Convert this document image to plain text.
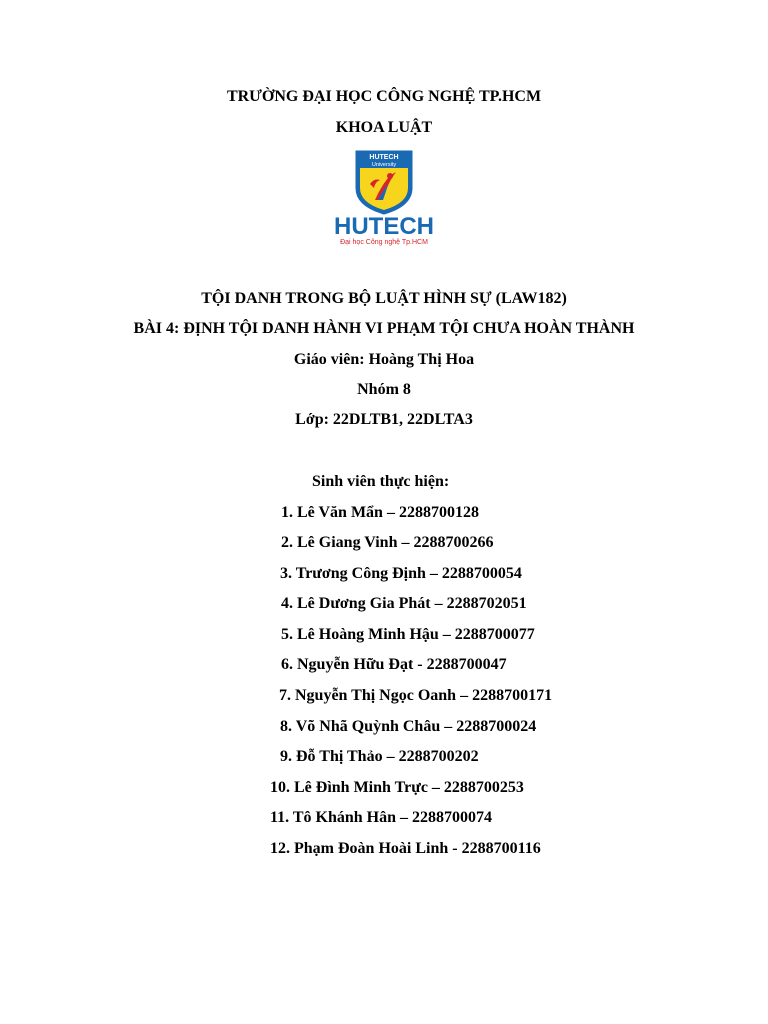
TRƯỜNG ĐẠI HỌC CÔNG NGHỆ TP.HCM
KHOA LUẬT
HUTECH
University
HUTECH
Đại học Công nghệ Tp.HCM
TỘI DANH TRONG BỘ LUẬT HÌNH SỰ (LAW182)
BÀI 4: ĐỊNH TỘI DANH HÀNH VI PHẠM TỘI CHƯA HOÀN THÀNH
Giáo viên: Hoàng Thị Hoa
Nhóm 8
Lớp: 22DLTB1, 22DLTA3
Sinh viên thực hiện:
1. Lê Văn Mẩn – 2288700128
2. Lê Giang Vinh – 2288700266
3. Trương Công Định – 2288700054
4. Lê Dương Gia Phát – 2288702051
5. Lê Hoàng Minh Hậu – 2288700077
6. Nguyễn Hữu Đạt - 2288700047
7. Nguyễn Thị Ngọc Oanh – 2288700171
8. Võ Nhã Quỳnh Châu – 2288700024
9. Đỗ Thị Thảo – 2288700202
10. Lê Đình Minh Trực – 2288700253
11. Tô Khánh Hân – 2288700074
12. Phạm Đoàn Hoài Linh - 2288700116
